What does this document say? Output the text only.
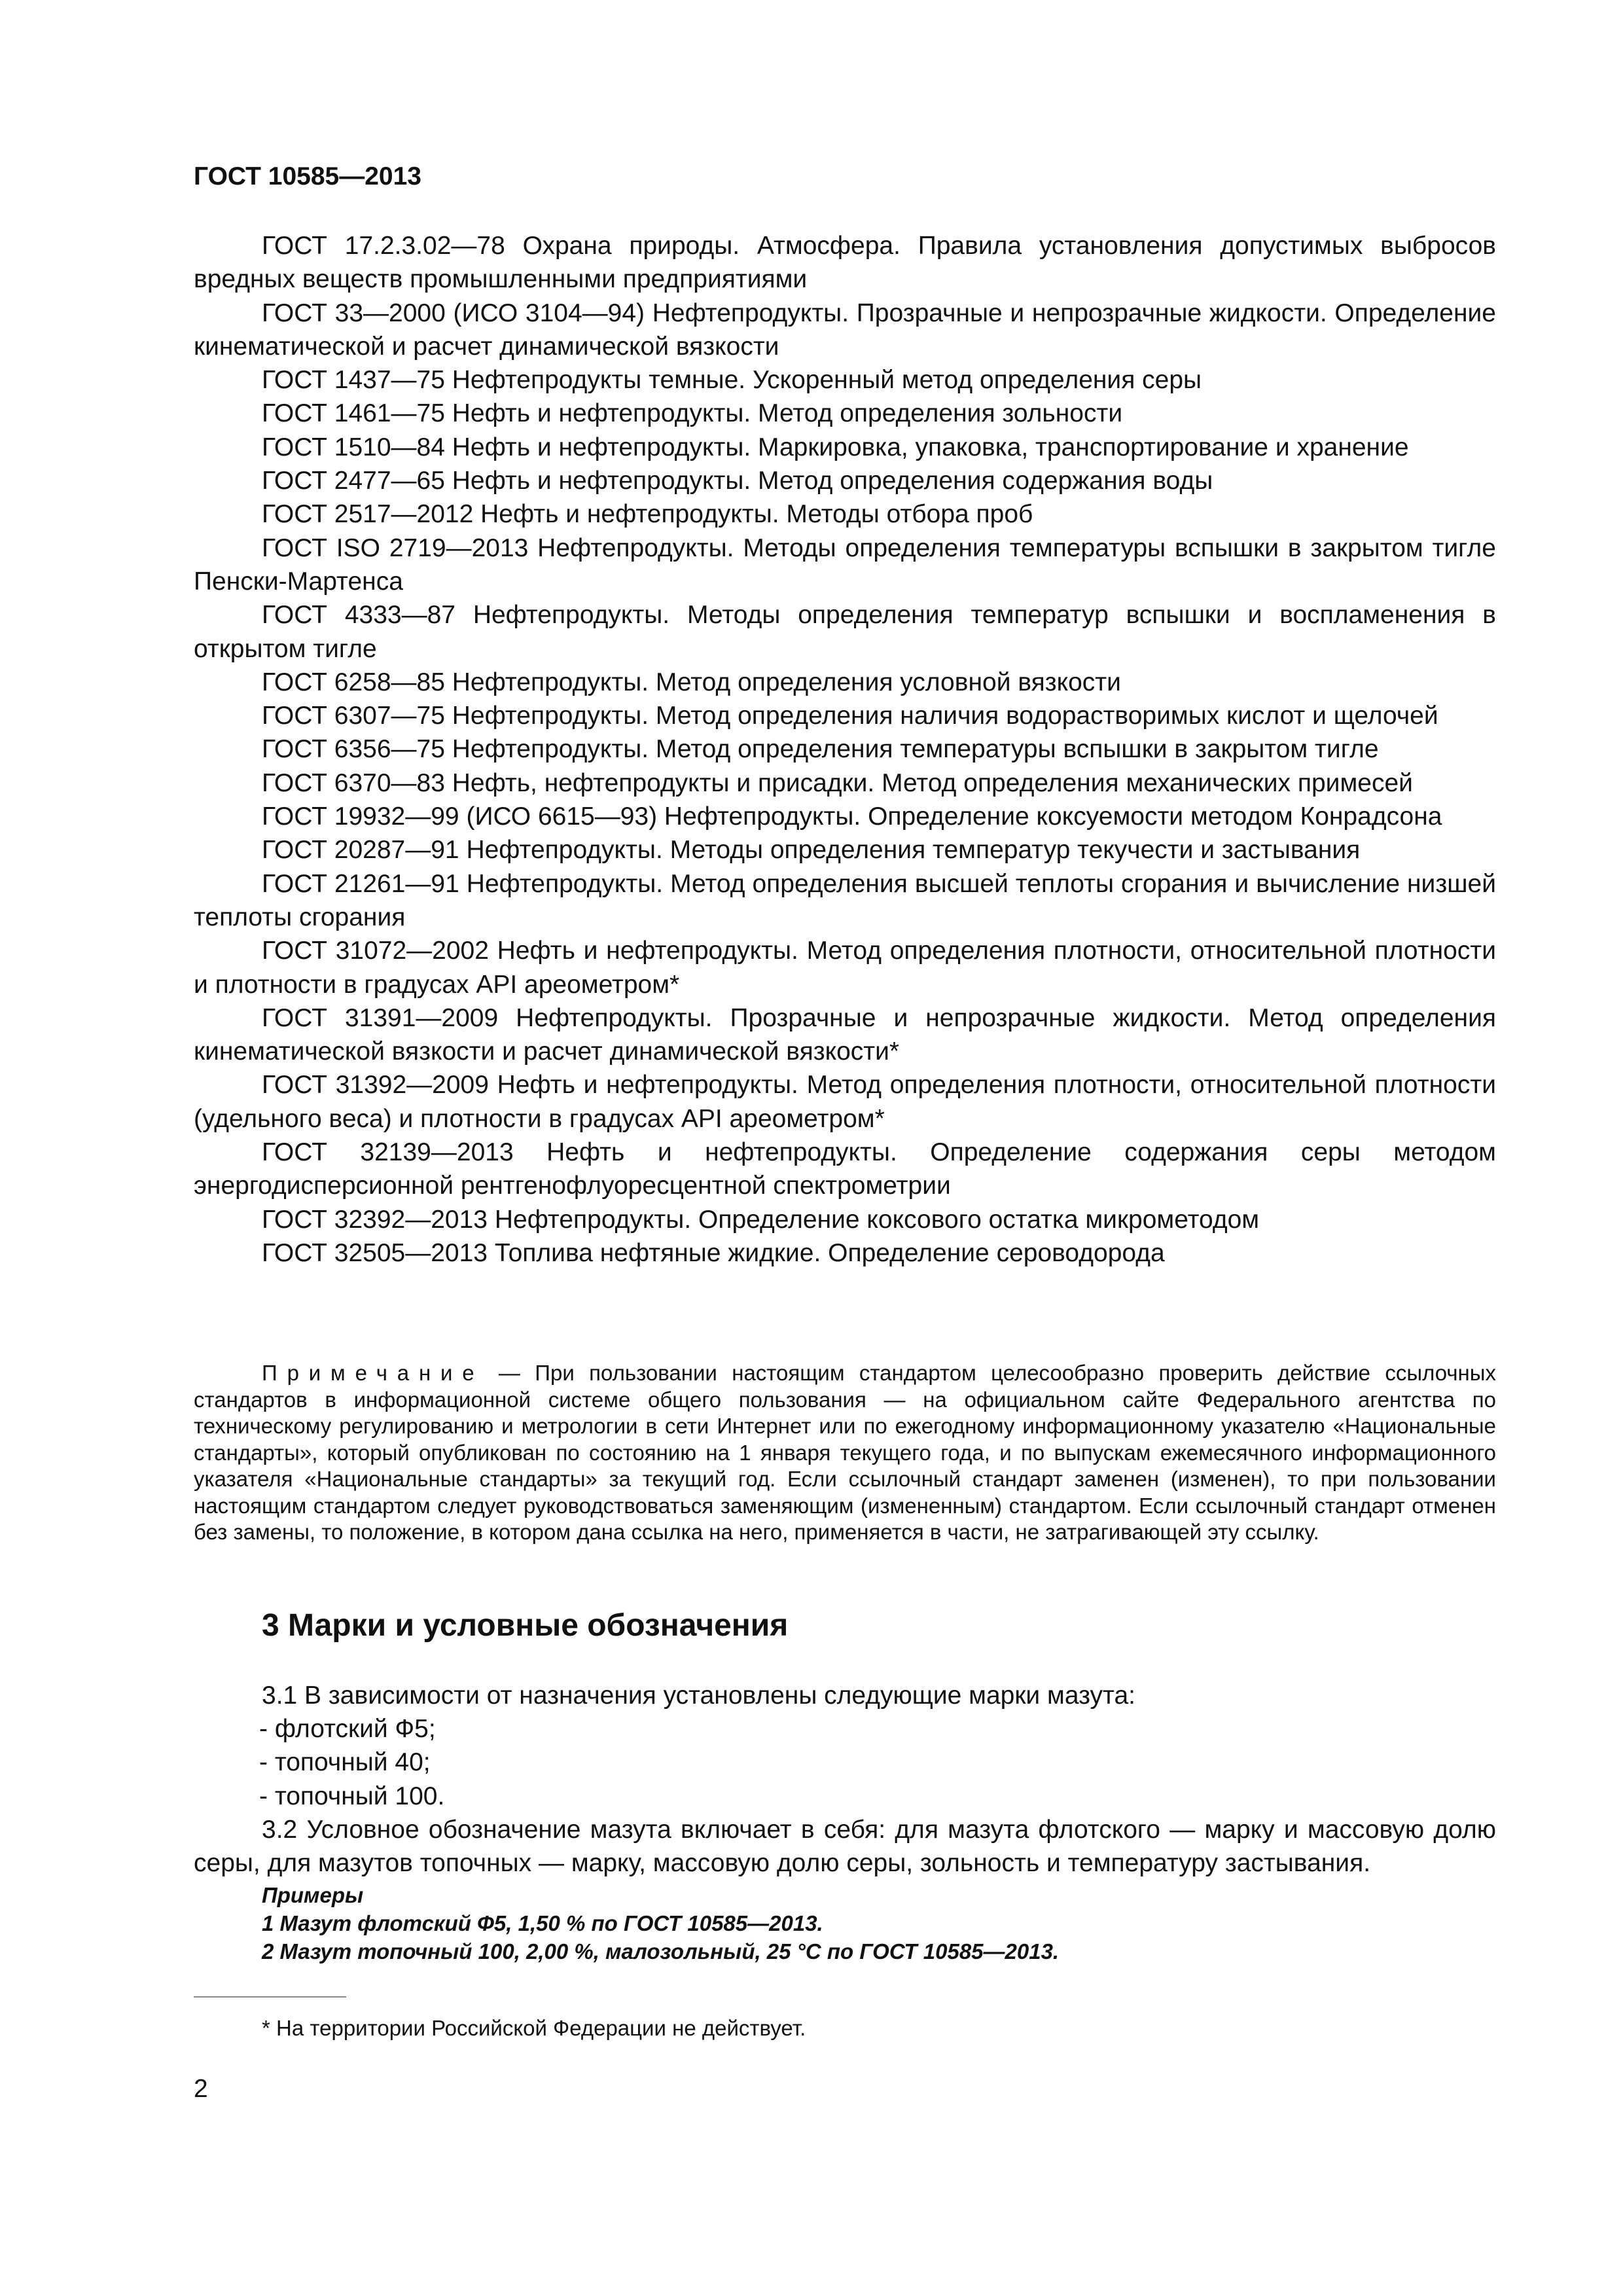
ГОСТ 10585—2013

ГОСТ 17.2.3.02—78 Охрана природы. Атмосфера. Правила установления допустимых выбросов вредных веществ промышленными предприятиями

ГОСТ 33—2000 (ИСО 3104—94) Нефтепродукты. Прозрачные и непрозрачные жидкости. Определение кинематической и расчет динамической вязкости

ГОСТ 1437—75 Нефтепродукты темные. Ускоренный метод определения серы

ГОСТ 1461—75 Нефть и нефтепродукты. Метод определения зольности

ГОСТ 1510—84 Нефть и нефтепродукты. Маркировка, упаковка, транспортирование и хранение

ГОСТ 2477—65 Нефть и нефтепродукты. Метод определения содержания воды

ГОСТ 2517—2012 Нефть и нефтепродукты. Методы отбора проб

ГОСТ ISO 2719—2013 Нефтепродукты. Методы определения температуры вспышки в закрытом тигле Пенски-Мартенса

ГОСТ 4333—87 Нефтепродукты. Методы определения температур вспышки и воспламенения в открытом тигле

ГОСТ 6258—85 Нефтепродукты. Метод определения условной вязкости

ГОСТ 6307—75 Нефтепродукты. Метод определения наличия водорастворимых кислот и щелочей

ГОСТ 6356—75 Нефтепродукты. Метод определения температуры вспышки в закрытом тигле

ГОСТ 6370—83 Нефть, нефтепродукты и присадки. Метод определения механических примесей

ГОСТ 19932—99 (ИСО 6615—93) Нефтепродукты. Определение коксуемости методом Конрадсона

ГОСТ 20287—91 Нефтепродукты. Методы определения температур текучести и застывания

ГОСТ 21261—91 Нефтепродукты. Метод определения высшей теплоты сгорания и вычисление низшей теплоты сгорания

ГОСТ 31072—2002 Нефть и нефтепродукты. Метод определения плотности, относительной плотности и плотности в градусах API ареометром*

ГОСТ 31391—2009 Нефтепродукты. Прозрачные и непрозрачные жидкости. Метод определения кинематической вязкости и расчет динамической вязкости*

ГОСТ 31392—2009 Нефть и нефтепродукты. Метод определения плотности, относительной плотности (удельного веса) и плотности в градусах API ареометром*

ГОСТ 32139—2013 Нефть и нефтепродукты. Определение содержания серы методом энергодисперсионной рентгенофлуоресцентной спектрометрии

ГОСТ 32392—2013 Нефтепродукты. Определение коксового остатка микрометодом

ГОСТ 32505—2013 Топлива нефтяные жидкие. Определение сероводорода

Примечание — При пользовании настоящим стандартом целесообразно проверить действие ссылочных стандартов в информационной системе общего пользования — на официальном сайте Федерального агентства по техническому регулированию и метрологии в сети Интернет или по ежегодному информационному указателю «Национальные стандарты», который опубликован по состоянию на 1 января текущего года, и по выпускам ежемесячного информационного указателя «Национальные стандарты» за текущий год. Если ссылочный стандарт заменен (изменен), то при пользовании настоящим стандартом следует руководствоваться заменяющим (измененным) стандартом. Если ссылочный стандарт отменен без замены, то положение, в котором дана ссылка на него, применяется в части, не затрагивающей эту ссылку.

3 Марки и условные обозначения

3.1 В зависимости от назначения установлены следующие марки мазута:

- флотский Ф5;

- топочный 40;

- топочный 100.

3.2 Условное обозначение мазута включает в себя: для мазута флотского — марку и массовую долю серы, для мазутов топочных — марку, массовую долю серы, зольность и температуру застывания.

Примеры

1 Мазут флотский Ф5, 1,50 % по ГОСТ 10585—2013.

2 Мазут топочный 100, 2,00 %, малозольный, 25 °С по ГОСТ 10585—2013.

* На территории Российской Федерации не действует.

2
